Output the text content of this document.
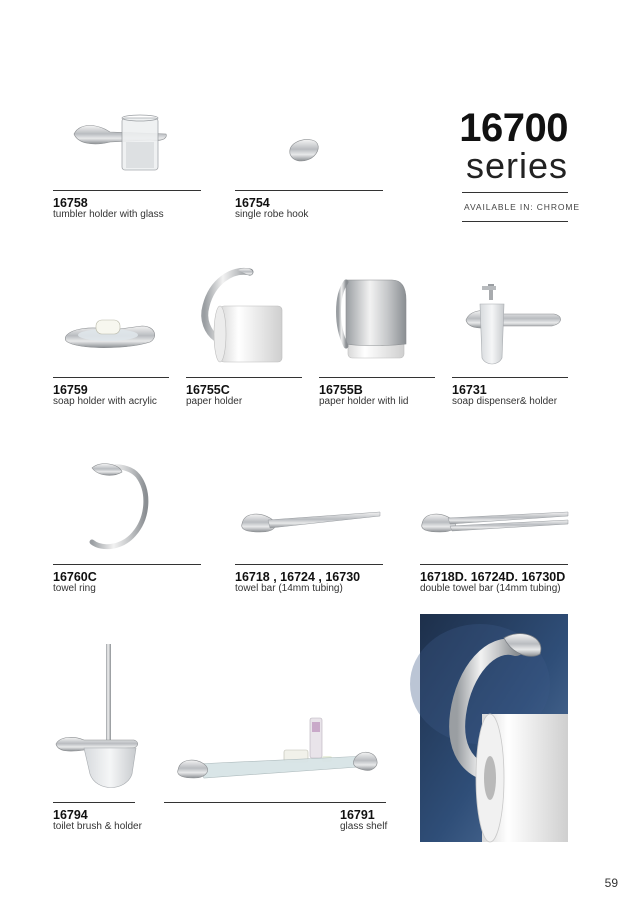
16700
series
AVAILABLE IN: CHROME
16758
tumbler holder with glass
16754
single robe hook
16759
soap holder with acrylic
16755C
paper holder
16755B
paper holder with lid
16731
soap dispenser& holder
16760C
towel ring
16718 , 16724 , 16730
towel bar (14mm tubing)
16718D. 16724D. 16730D
double towel bar (14mm tubing)
16794
toilet brush & holder
16791
glass shelf
59
